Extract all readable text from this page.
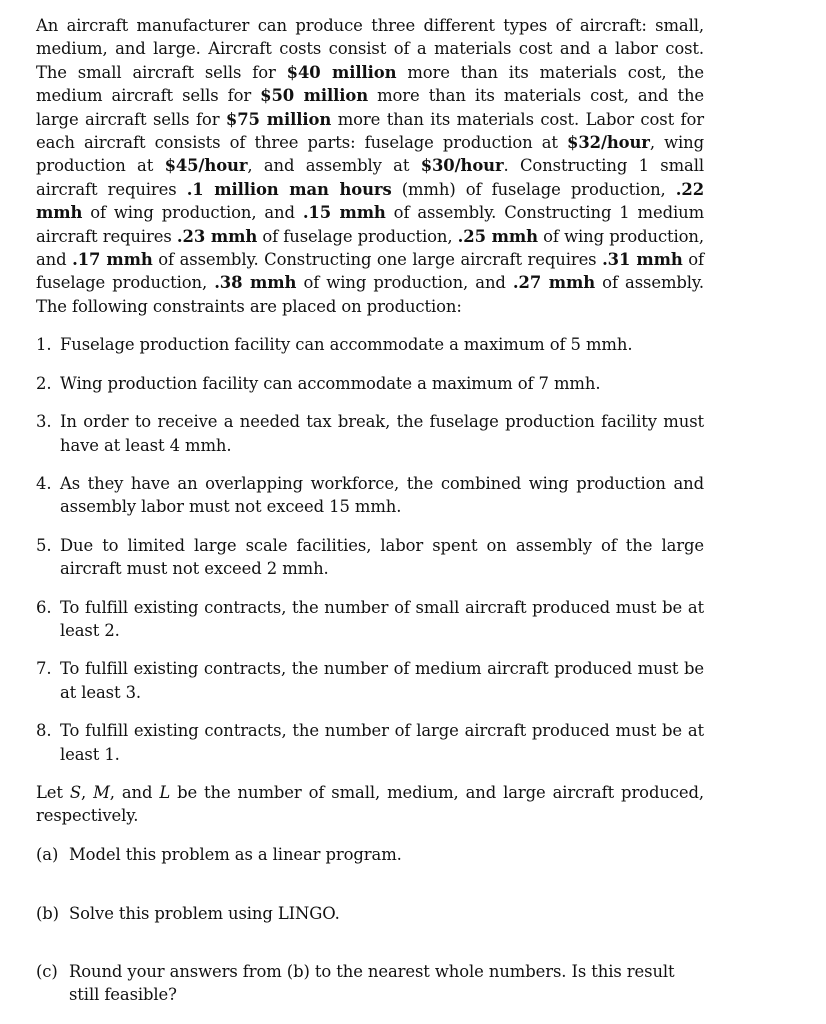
An aircraft manufacturer can produce three different types of aircraft: small, medium, and large. Aircraft costs consist of a materials cost and a labor cost. The small aircraft sells for $40 million more than its materials cost, the medium aircraft sells for $50 million more than its materials cost, and the large aircraft sells for $75 million more than its materials cost. Labor cost for each aircraft consists of three parts: fuselage production at $32/hour, wing production at $45/hour, and assembly at $30/hour. Constructing 1 small aircraft requires .1 million man hours (mmh) of fuselage production, .22 mmh of wing production, and .15 mmh of assembly. Constructing 1 medium aircraft requires .23 mmh of fuselage production, .25 mmh of wing production, and .17 mmh of assembly. Constructing one large aircraft requires .31 mmh of fuselage production, .38 mmh of wing production, and .27 mmh of assembly. The following constraints are placed on production:

1. Fuselage production facility can accommodate a maximum of 5 mmh.
2. Wing production facility can accommodate a maximum of 7 mmh.
3. In order to receive a needed tax break, the fuselage production facility must have at least 4 mmh.
4. As they have an overlapping workforce, the combined wing production and assembly labor must not exceed 15 mmh.
5. Due to limited large scale facilities, labor spent on assembly of the large aircraft must not exceed 2 mmh.
6. To fulfill existing contracts, the number of small aircraft produced must be at least 2.
7. To fulfill existing contracts, the number of medium aircraft produced must be at least 3.
8. To fulfill existing contracts, the number of large aircraft produced must be at least 1.

Let S, M, and L be the number of small, medium, and large aircraft produced, respectively.

(a) Model this problem as a linear program.
(b) Solve this problem using LINGO.
(c) Round your answers from (b) to the nearest whole numbers. Is this result still feasible?
